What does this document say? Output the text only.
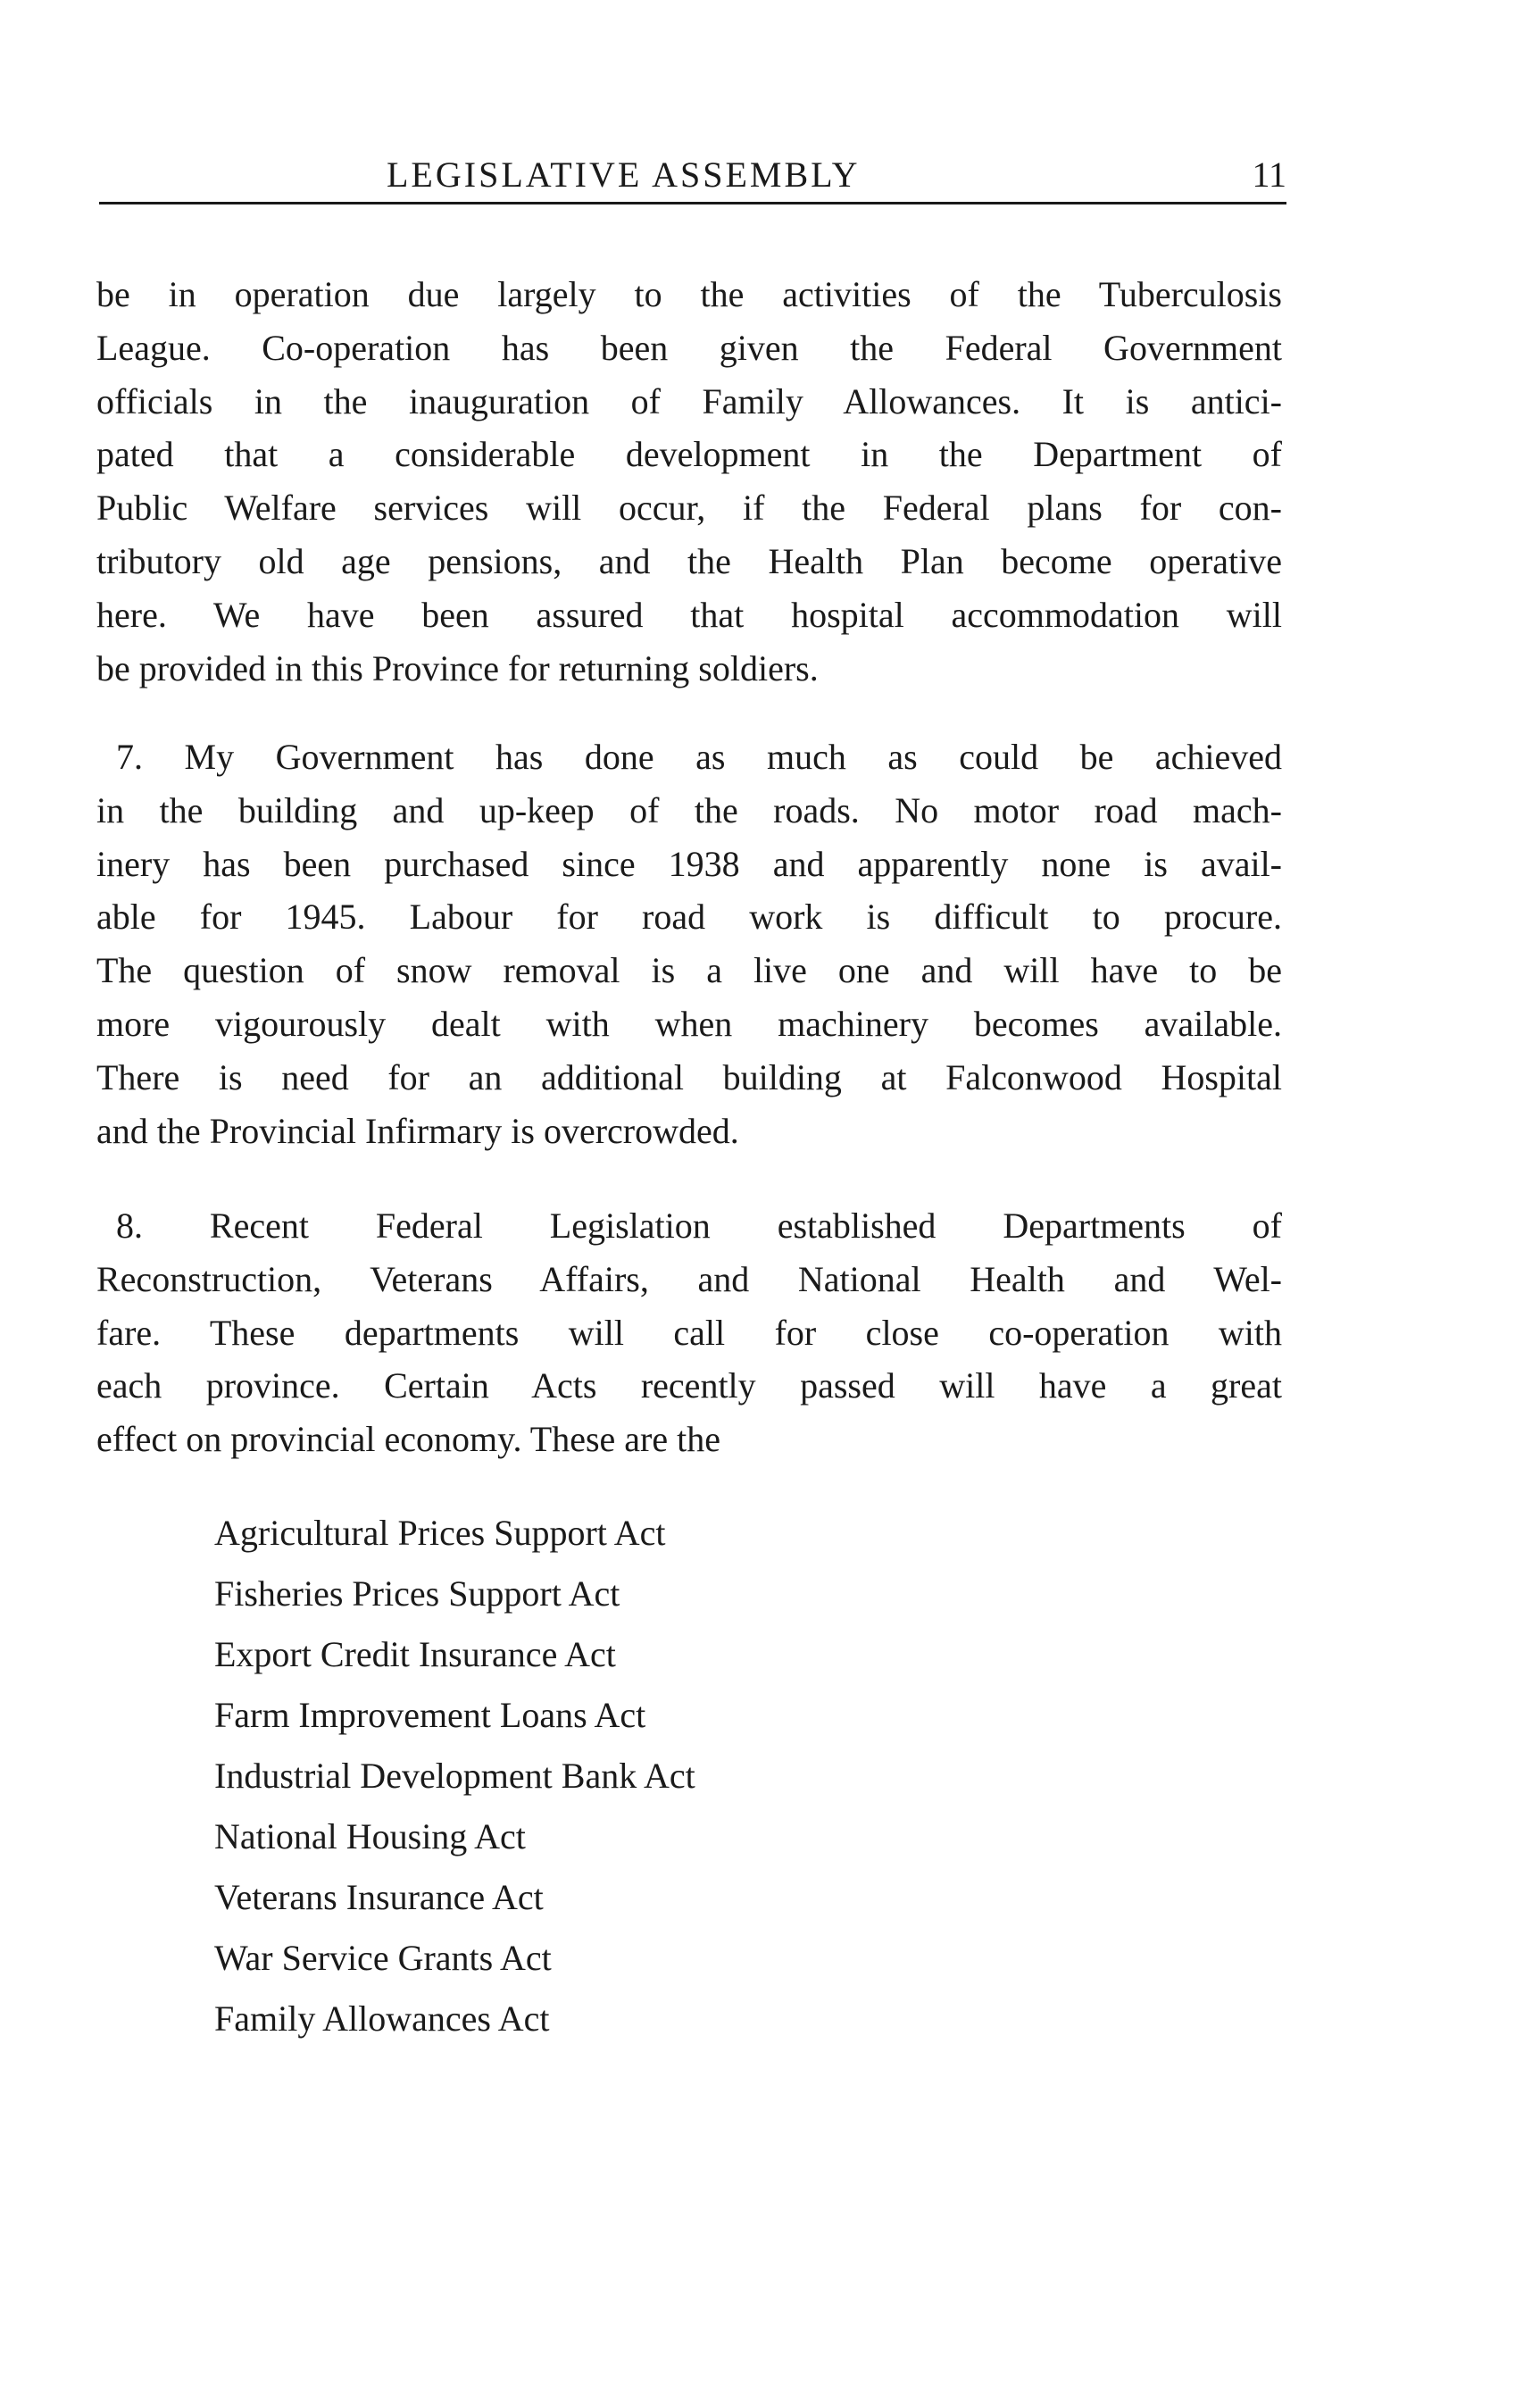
LEGISLATIVE ASSEMBLY	11
be in operation due largely to the activities of the Tuberculosis
League. Co-operation has been given the Federal Government
officials in the inauguration of Family Allowances. It is antici-
pated that a considerable development in the Department of
Public Welfare services will occur, if the Federal plans for con-
tributory old age pensions, and the Health Plan become operative
here. We have been assured that hospital accommodation will
be provided in this Province for returning soldiers.
7. My Government has done as much as could be achieved
in the building and up-keep of the roads. No motor road mach-
inery has been purchased since 1938 and apparently none is avail-
able for 1945. Labour for road work is difficult to procure.
The question of snow removal is a live one and will have to be
more vigourously dealt with when machinery becomes available.
There is need for an additional building at Falconwood Hospital
and the Provincial Infirmary is overcrowded.
8. Recent Federal Legislation established Departments of
Reconstruction, Veterans Affairs, and National Health and Wel-
fare. These departments will call for close co-operation with
each province. Certain Acts recently passed will have a great
effect on provincial economy. These are the
Agricultural Prices Support Act
Fisheries Prices Support Act
Export Credit Insurance Act
Farm Improvement Loans Act
Industrial Development Bank Act
National Housing Act
Veterans Insurance Act
War Service Grants Act
Family Allowances Act
